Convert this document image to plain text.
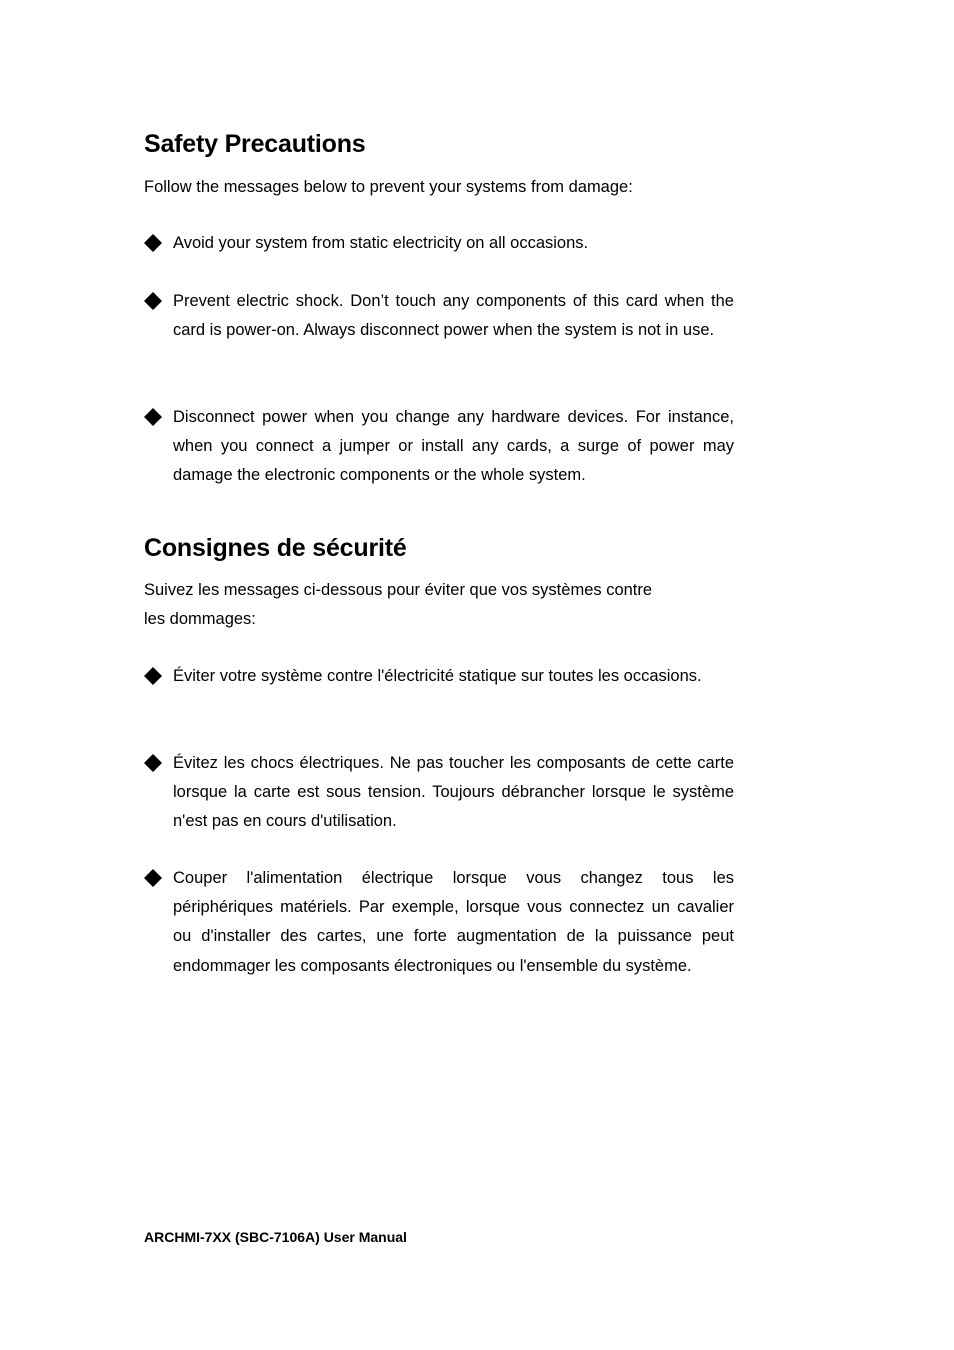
Safety Precautions

Follow the messages below to prevent your systems from damage:

Avoid your system from static electricity on all occasions.
Prevent electric shock. Don’t touch any components of this card when the card is power-on. Always disconnect power when the system is not in use.
Disconnect power when you change any hardware devices. For instance, when you connect a jumper or install any cards, a surge of power may damage the electronic components or the whole system.
Consignes de sécurité

Suivez les messages ci-dessous pour éviter que vos systèmes contre
les dommages:

Éviter votre système contre l'électricité statique sur toutes les occasions.
Évitez les chocs électriques. Ne pas toucher les composants de cette carte lorsque la carte est sous tension. Toujours débrancher lorsque le système n'est pas en cours d'utilisation.
Couper l'alimentation électrique lorsque vous changez tous les périphériques matériels. Par exemple, lorsque vous connectez un cavalier ou d'installer des cartes, une forte augmentation de la puissance peut endommager les composants électroniques ou l'ensemble du système.

ARCHMI-7XX (SBC-7106A) User Manual
